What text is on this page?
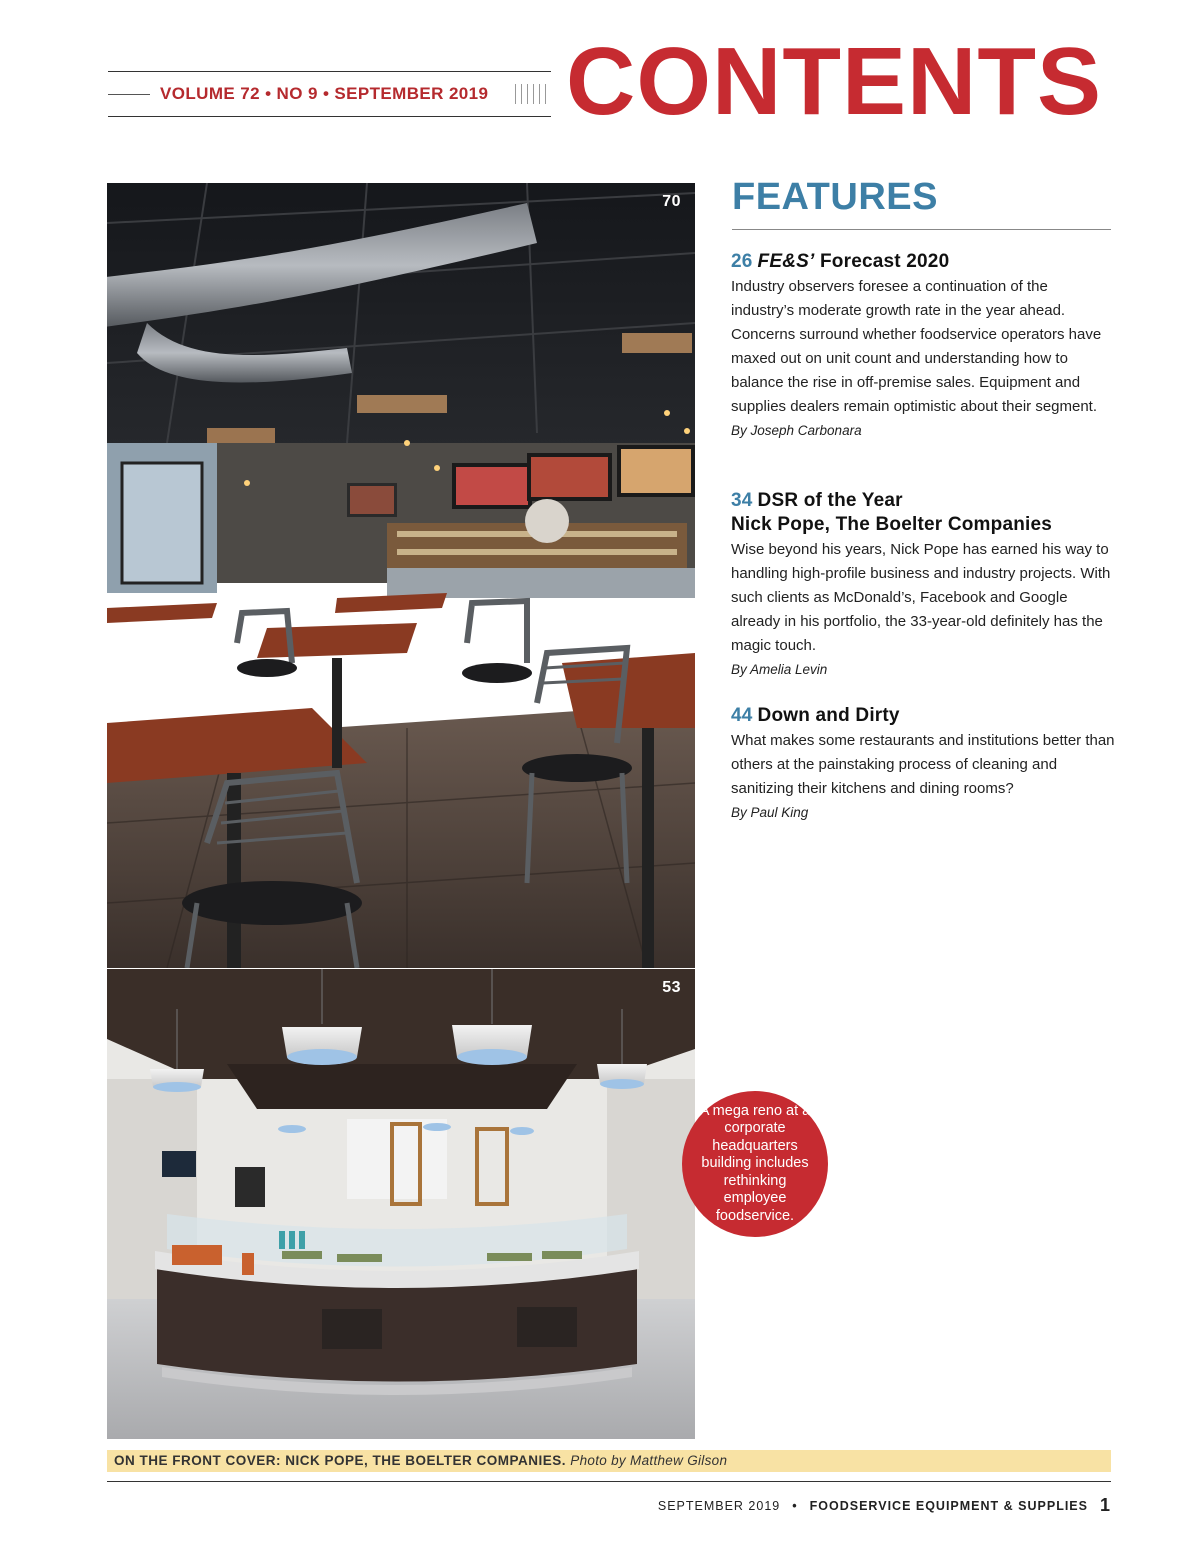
VOLUME 72 • NO 9 • SEPTEMBER 2019 CONTENTS
70
53
A mega reno at a corporate headquarters building includes rethinking employee foodservice.
FEATURES
26 FE&S’ Forecast 2020
Industry observers foresee a continuation of the industry’s moderate growth rate in the year ahead. Concerns surround whether foodservice operators have maxed out on unit count and understanding how to balance the rise in off-premise sales. Equipment and supplies dealers remain optimistic about their segment.
By Joseph Carbonara
34 DSR of the Year
Nick Pope, The Boelter Companies
Wise beyond his years, Nick Pope has earned his way to handling high-profile business and industry projects. With such clients as McDonald’s, Facebook and Google already in his portfolio, the 33-year-old definitely has the magic touch.
By Amelia Levin
44 Down and Dirty
What makes some restaurants and institutions better than others at the painstaking process of cleaning and sanitizing their kitchens and dining rooms?
By Paul King
ON THE FRONT COVER: NICK POPE, THE BOELTER COMPANIES. Photo by Matthew Gilson
SEPTEMBER 2019 • FOODSERVICE EQUIPMENT & SUPPLIES 1
